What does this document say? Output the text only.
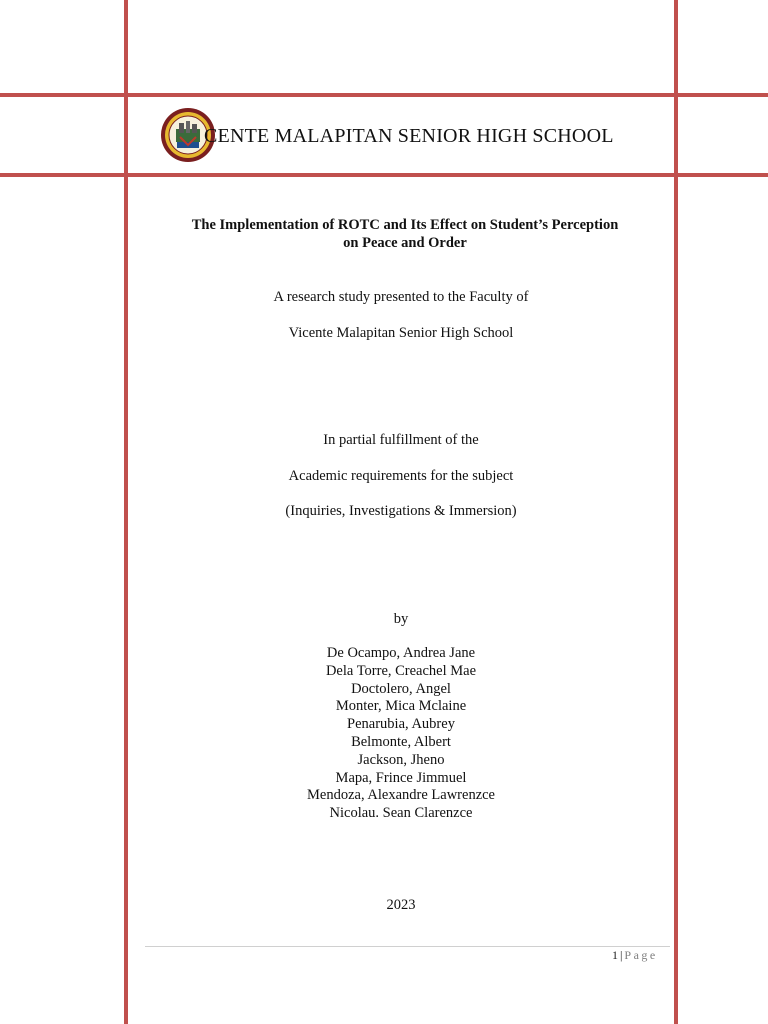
CENTE MALAPITAN SENIOR HIGH SCHOOL
The Implementation of ROTC and Its Effect on Student’s Perception
on Peace and Order
A research study presented to the Faculty of
Vicente Malapitan Senior High School
In partial fulfillment of the
Academic requirements for the subject
(Inquiries, Investigations & Immersion)
by
De Ocampo, Andrea Jane
Dela Torre, Creachel Mae
Doctolero, Angel
Monter, Mica Mclaine
Penarubia, Aubrey
Belmonte, Albert
Jackson, Jheno
Mapa, Frince Jimmuel
Mendoza, Alexandre Lawrenzce
Nicolau. Sean Clarenzce
2023
1 | Page
